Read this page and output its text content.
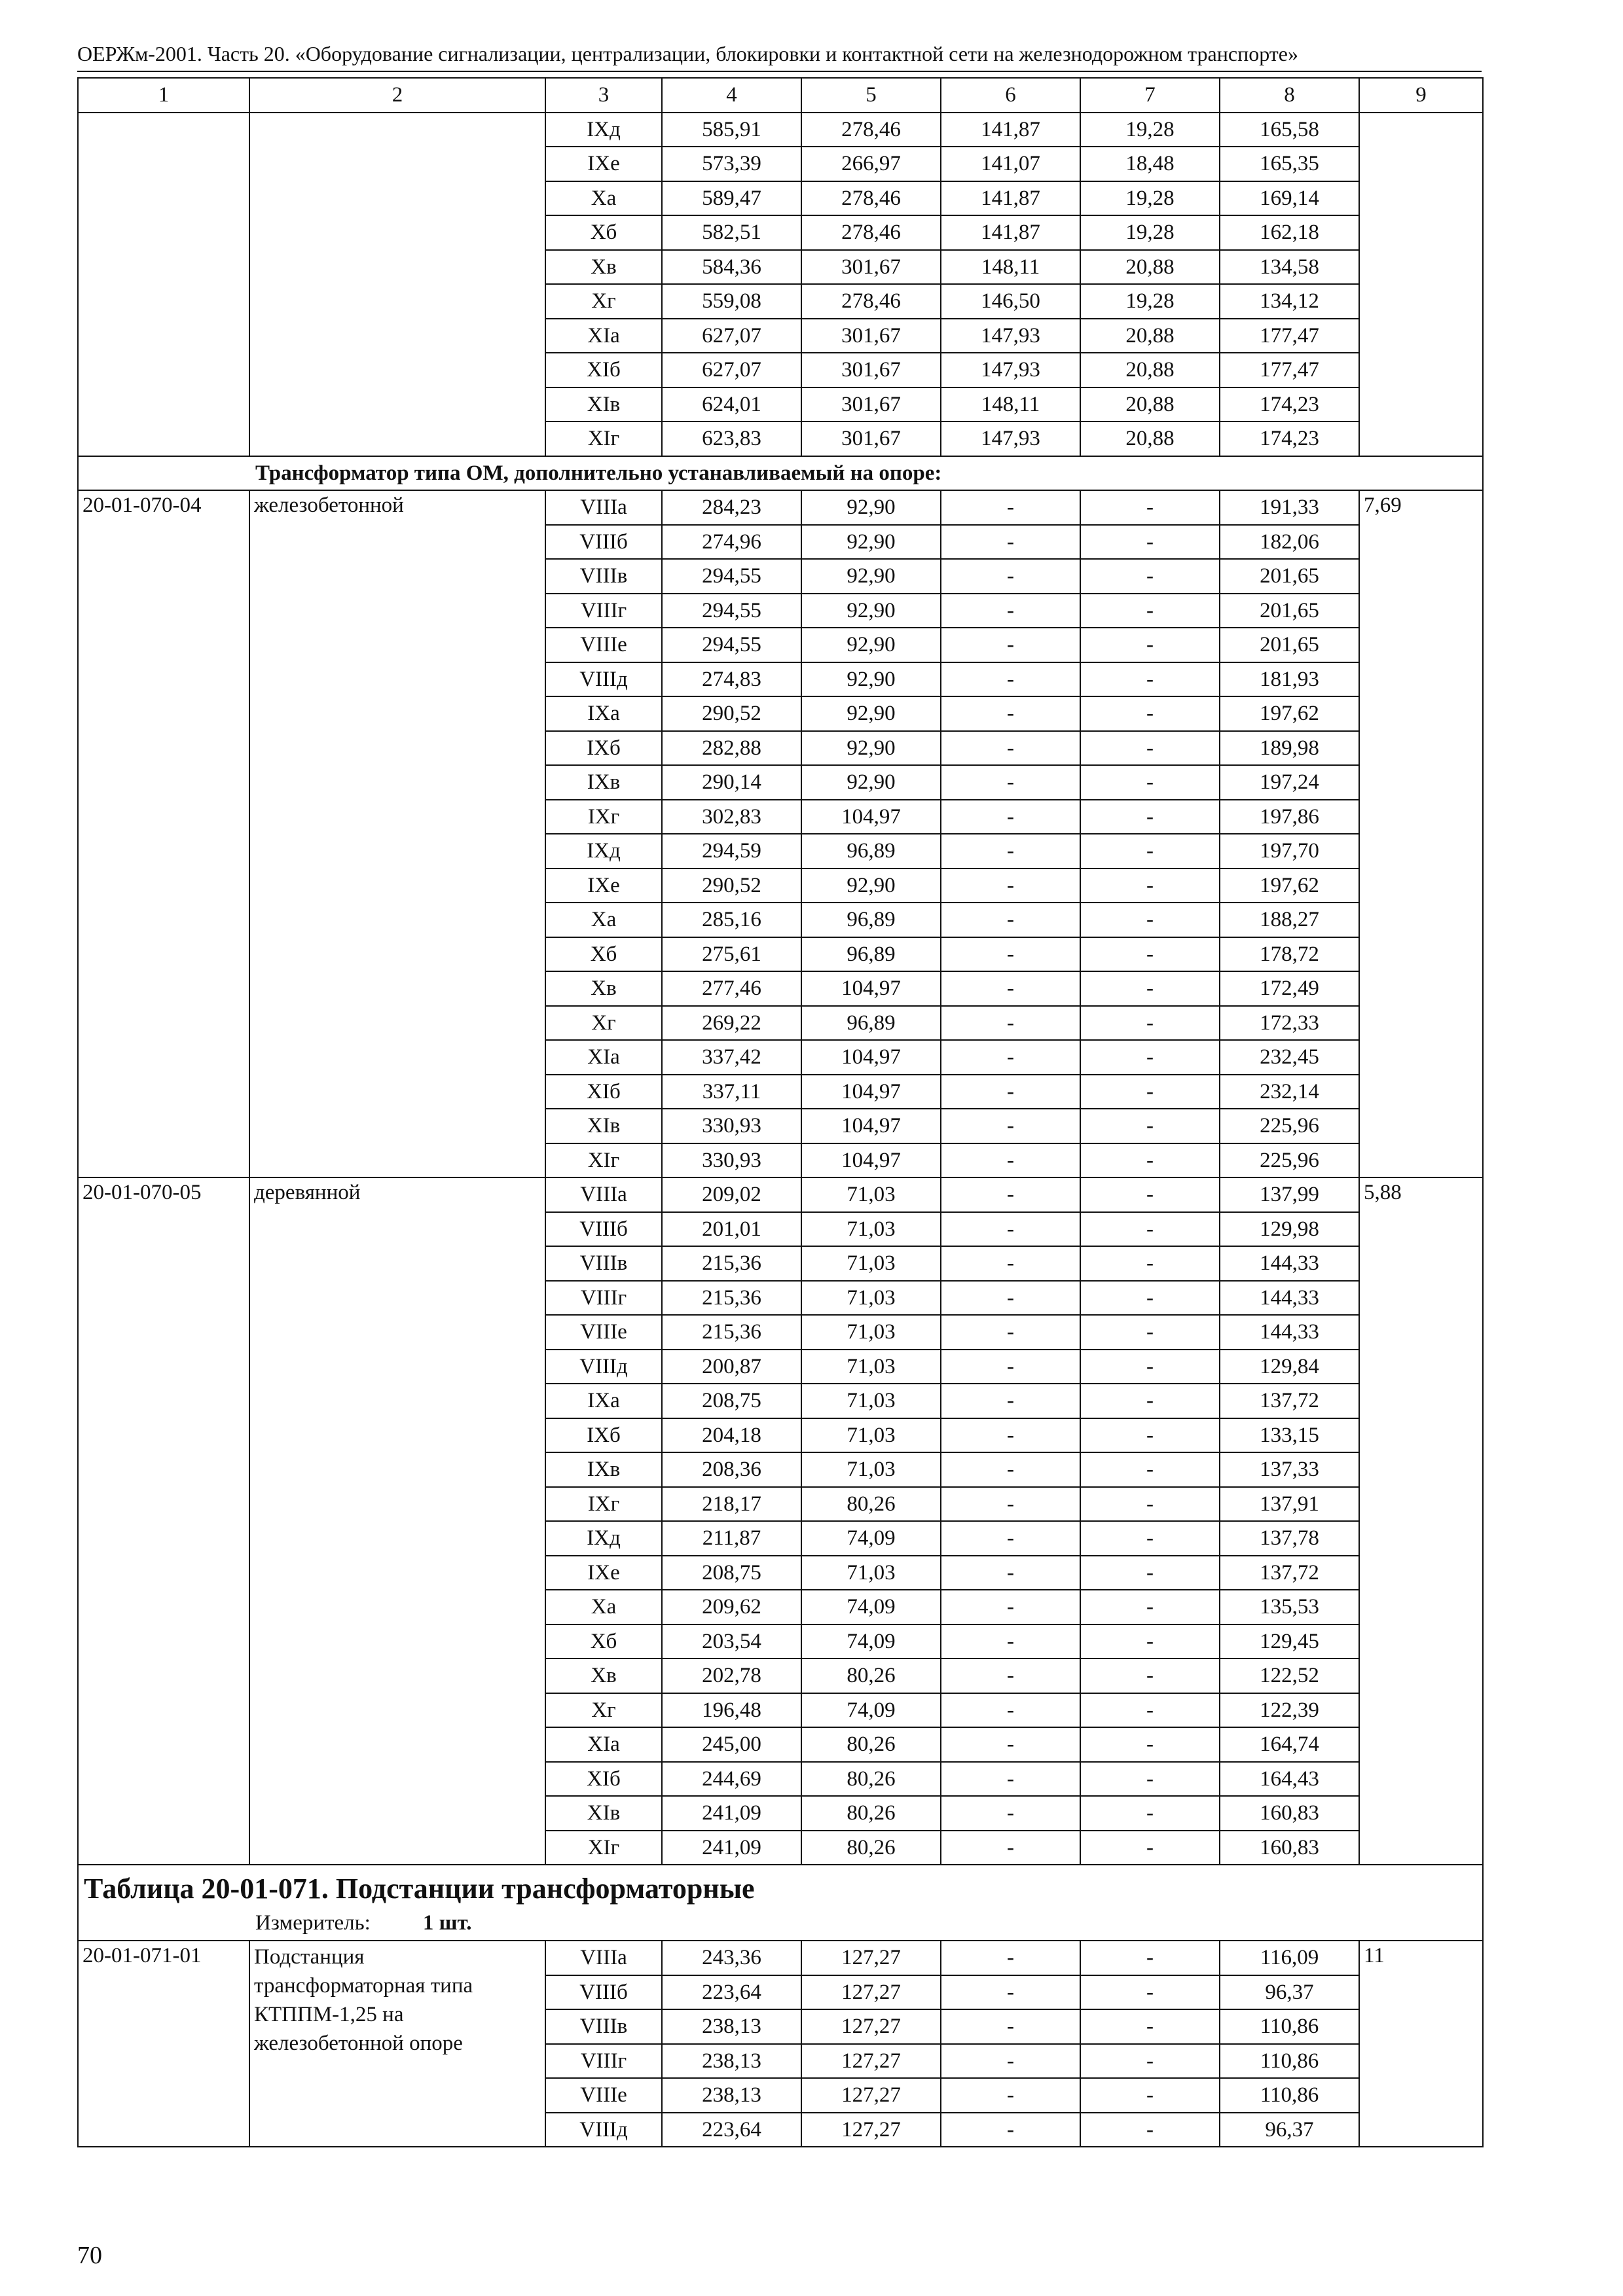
ОЕРЖм-2001. Часть 20. «Оборудование сигнализации, централизации, блокировки и контактной сети на железнодорожном транспорте»
1	2	3	4	5	6	7	8	9
		IXд	585,91	278,46	141,87	19,28	165,58	
		IXе	573,39	266,97	141,07	18,48	165,35	
		Xа	589,47	278,46	141,87	19,28	169,14	
		Xб	582,51	278,46	141,87	19,28	162,18	
		Xв	584,36	301,67	148,11	20,88	134,58	
		Xг	559,08	278,46	146,50	19,28	134,12	
		XIа	627,07	301,67	147,93	20,88	177,47	
		XIб	627,07	301,67	147,93	20,88	177,47	
		XIв	624,01	301,67	148,11	20,88	174,23	
		XIг	623,83	301,67	147,93	20,88	174,23	
Трансформатор типа ОМ, дополнительно устанавливаемый на опоре:								
20-01-070-04	железобетонной	VIIIа	284,23	92,90	-	-	191,33	7,69
		VIIIб	274,96	92,90	-	-	182,06	
		VIIIв	294,55	92,90	-	-	201,65	
		VIIIг	294,55	92,90	-	-	201,65	
		VIIIе	294,55	92,90	-	-	201,65	
		VIIIд	274,83	92,90	-	-	181,93	
		IXа	290,52	92,90	-	-	197,62	
		IXб	282,88	92,90	-	-	189,98	
		IXв	290,14	92,90	-	-	197,24	
		IXг	302,83	104,97	-	-	197,86	
		IXд	294,59	96,89	-	-	197,70	
		IXе	290,52	92,90	-	-	197,62	
		Xа	285,16	96,89	-	-	188,27	
		Xб	275,61	96,89	-	-	178,72	
		Xв	277,46	104,97	-	-	172,49	
		Xг	269,22	96,89	-	-	172,33	
		XIа	337,42	104,97	-	-	232,45	
		XIб	337,11	104,97	-	-	232,14	
		XIв	330,93	104,97	-	-	225,96	
		XIг	330,93	104,97	-	-	225,96	
20-01-070-05	деревянной	VIIIа	209,02	71,03	-	-	137,99	5,88
		VIIIб	201,01	71,03	-	-	129,98	
		VIIIв	215,36	71,03	-	-	144,33	
		VIIIг	215,36	71,03	-	-	144,33	
		VIIIе	215,36	71,03	-	-	144,33	
		VIIIд	200,87	71,03	-	-	129,84	
		IXа	208,75	71,03	-	-	137,72	
		IXб	204,18	71,03	-	-	133,15	
		IXв	208,36	71,03	-	-	137,33	
		IXг	218,17	80,26	-	-	137,91	
		IXд	211,87	74,09	-	-	137,78	
		IXе	208,75	71,03	-	-	137,72	
		Xа	209,62	74,09	-	-	135,53	
		Xб	203,54	74,09	-	-	129,45	
		Xв	202,78	80,26	-	-	122,52	
		Xг	196,48	74,09	-	-	122,39	
		XIа	245,00	80,26	-	-	164,74	
		XIб	244,69	80,26	-	-	164,43	
		XIв	241,09	80,26	-	-	160,83	
		XIг	241,09	80,26	-	-	160,83	
Таблица 20-01-071. Подстанции трансформаторные
Измеритель: 1 шт.								

20-01-071-01	Подстанция трансформаторная типа КТППМ-1,25 на железобетонной опоре	VIIIа	243,36	127,27	-	-	116,09	11
		VIIIб	223,64	127,27	-	-	96,37	
		VIIIв	238,13	127,27	-	-	110,86	
		VIIIг	238,13	127,27	-	-	110,86	
		VIIIе	238,13	127,27	-	-	110,86	
		VIIIд	223,64	127,27	-	-	96,37	
70
